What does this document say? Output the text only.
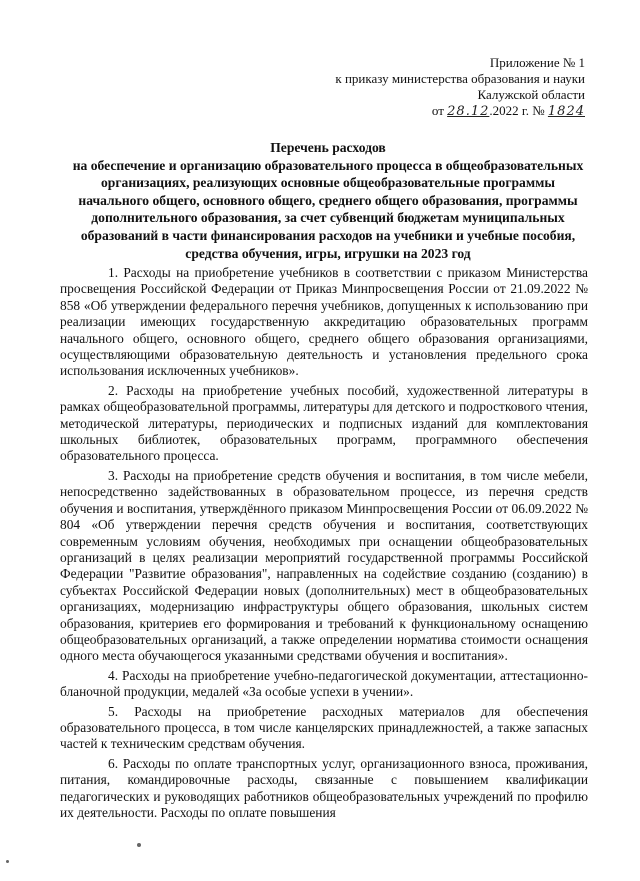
Приложение № 1
к приказу министерства образования и науки
Калужской области
от 28.12.2022 г. № 1824
Перечень расходов
на обеспечение и организацию образовательного процесса в общеобразовательных организациях, реализующих основные общеобразовательные программы начального общего, основного общего, среднего общего образования, программы дополнительного образования, за счет субвенций бюджетам муниципальных образований в части финансирования расходов на учебники и учебные пособия, средства обучения, игры, игрушки на 2023 год

1. Расходы на приобретение учебников в соответствии с приказом Министерства просвещения Российской Федерации от Приказ Минпросвещения России от 21.09.2022 № 858 «Об утверждении федерального перечня учебников, допущенных к использованию при реализации имеющих государственную аккредитацию образовательных программ начального общего, основного общего, среднего общего образования организациями, осуществляющими образовательную деятельность и установления предельного срока использования исключенных учебников».

2. Расходы на приобретение учебных пособий, художественной литературы в рамках общеобразовательной программы, литературы для детского и подросткового чтения, методической литературы, периодических и подписных изданий для комплектования школьных библиотек, образовательных программ, программного обеспечения образовательного процесса.

3. Расходы на приобретение средств обучения и воспитания, в том числе мебели, непосредственно задействованных в образовательном процессе, из перечня средств обучения и воспитания, утверждённого приказом Минпросвещения России от 06.09.2022 № 804 «Об утверждении перечня средств обучения и воспитания, соответствующих современным условиям обучения, необходимых при оснащении общеобразовательных организаций в целях реализации мероприятий государственной программы Российской Федерации "Развитие образования", направленных на содействие созданию (созданию) в субъектах Российской Федерации новых (дополнительных) мест в общеобразовательных организациях, модернизацию инфраструктуры общего образования, школьных систем образования, критериев его формирования и требований к функциональному оснащению общеобразовательных организаций, а также определении норматива стоимости оснащения одного места обучающегося указанными средствами обучения и воспитания».

4. Расходы на приобретение учебно-педагогической документации, аттестационно-бланочной продукции, медалей «За особые успехи в учении».

5. Расходы на приобретение расходных материалов для обеспечения образовательного процесса, в том числе канцелярских принадлежностей, а также запасных частей к техническим средствам обучения.

6. Расходы по оплате транспортных услуг, организационного взноса, проживания, питания, командировочные расходы, связанные с повышением квалификации педагогических и руководящих работников общеобразовательных учреждений по профилю их деятельности. Расходы по оплате повышения
